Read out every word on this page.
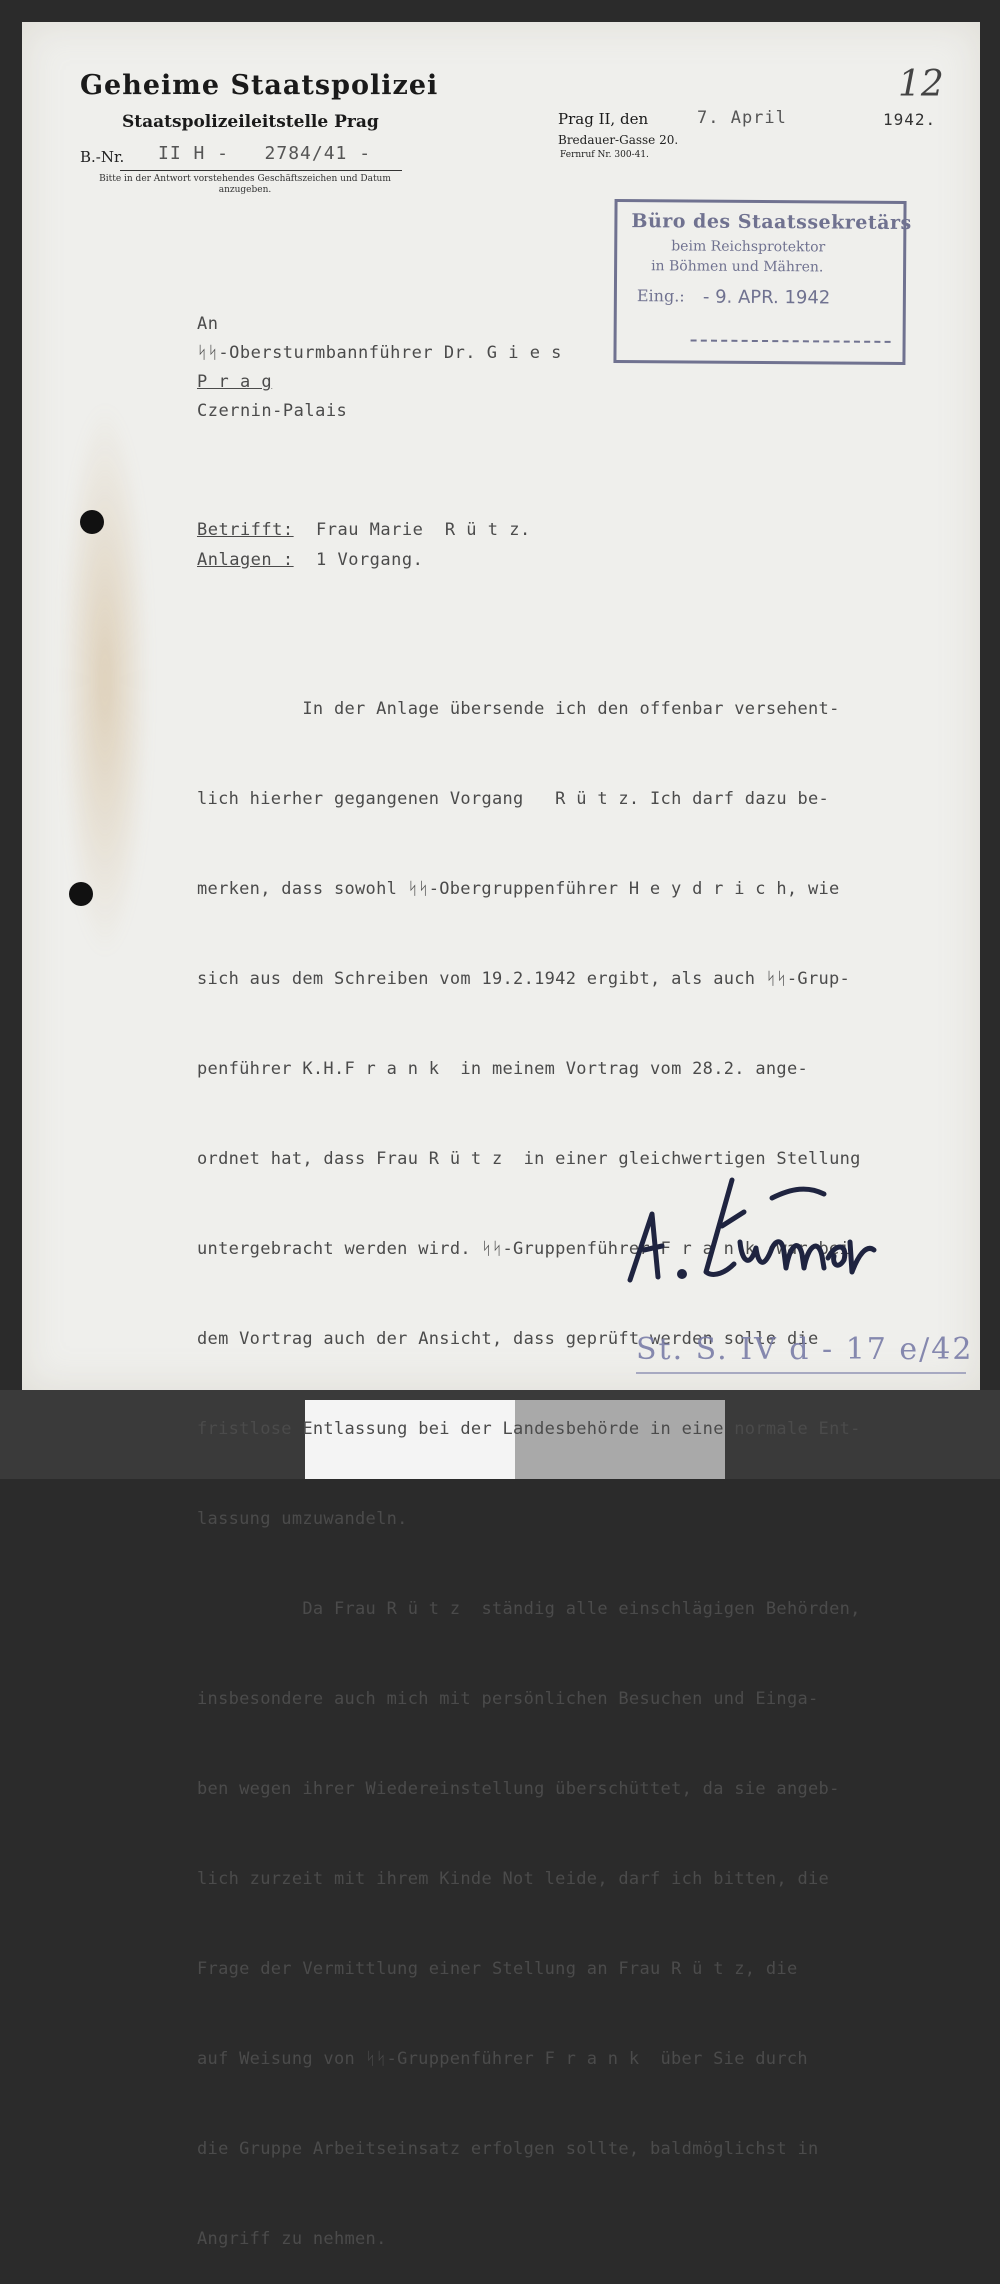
Geheime Staatspolizei
Staatspolizeileitstelle Prag
B.-Nr. II H -   2784/41 -
Bitte in der Antwort vorstehendes Geschäftszeichen und Datum anzugeben.
Prag II, den	7. April	1942.
Bredauer-Gasse 20.
Fernruf Nr. 300-41.
12
Büro des Staatssekretärs
beim Reichsprotektor
in Böhmen und Mähren.
Eing.: - 9. APR. 1942
An
ᛋᛋ-Obersturmbannführer Dr. G i e s
P r a g
Czernin-Palais
Betrifft: Frau Marie  R ü t z.
Anlagen : 1 Vorgang.

In der Anlage übersende ich den offenbar versehent-

lich hierher gegangenen Vorgang   R ü t z. Ich darf dazu be-

merken, dass sowohl ᛋᛋ-Obergruppenführer H e y d r i c h, wie

sich aus dem Schreiben vom 19.2.1942 ergibt, als auch ᛋᛋ-Grup-

penführer K.H.F r a n k  in meinem Vortrag vom 28.2. ange-

ordnet hat, dass Frau R ü t z  in einer gleichwertigen Stellung

untergebracht werden wird. ᛋᛋ-Gruppenführer F r a n k  war bei

dem Vortrag auch der Ansicht, dass geprüft werden solle die

fristlose Entlassung bei der Landesbehörde in eine normale Ent-

lassung umzuwandeln.

Da Frau R ü t z  ständig alle einschlägigen Behörden,

insbesondere auch mich mit persönlichen Besuchen und Einga-

ben wegen ihrer Wiedereinstellung überschüttet, da sie angeb-

lich zurzeit mit ihrem Kinde Not leide, darf ich bitten, die

Frage der Vermittlung einer Stellung an Frau R ü t z, die

auf Weisung von ᛋᛋ-Gruppenführer F r a n k  über Sie durch

die Gruppe Arbeitseinsatz erfolgen sollte, baldmöglichst in

Angriff zu nehmen.

St. S. IV d - 17 e/42
